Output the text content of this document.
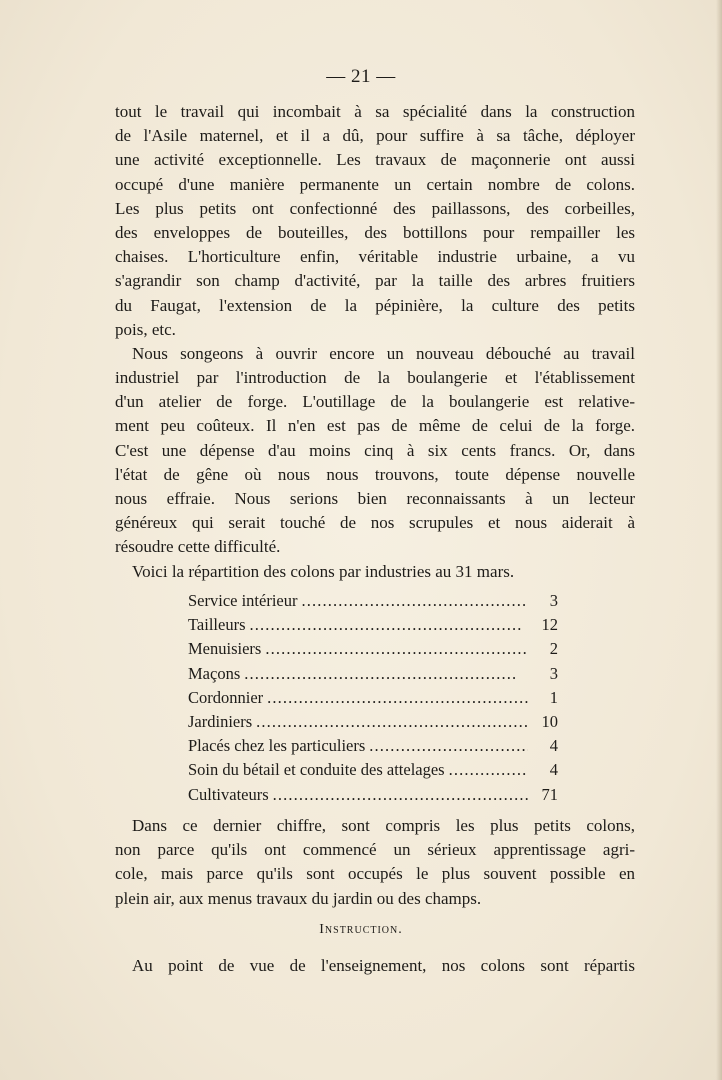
— 21 —
tout le travail qui incombait à sa spécialité dans la construction
de l'Asile maternel, et il a dû, pour suffire à sa tâche, déployer
une activité exceptionnelle. Les travaux de maçonnerie ont aussi
occupé d'une manière permanente un certain nombre de colons.
Les plus petits ont confectionné des paillassons, des corbeilles,
des enveloppes de bouteilles, des bottillons pour rempailler les
chaises. L'horticulture enfin, véritable industrie urbaine, a vu
s'agrandir son champ d'activité, par la taille des arbres fruitiers
du Faugat, l'extension de la pépinière, la culture des petits
pois, etc.
Nous songeons à ouvrir encore un nouveau débouché au travail
industriel par l'introduction de la boulangerie et l'établissement
d'un atelier de forge. L'outillage de la boulangerie est relative-
ment peu coûteux. Il n'en est pas de même de celui de la forge.
C'est une dépense d'au moins cinq à six cents francs. Or, dans
l'état de gêne où nous nous trouvons, toute dépense nouvelle
nous effraie. Nous serions bien reconnaissants à un lecteur
généreux qui serait touché de nos scrupules et nous aiderait à
résoudre cette difficulté.
Voici la répartition des colons par industries au 31 mars.
Service intérieur . . .	3
Tailleurs . . .	12
Menuisiers . . .	2
Maçons . . .	3
Cordonnier . . .	1
Jardiniers . . .	10
Placés chez les particuliers . . .	4
Soin du bétail et conduite des attelages . . .	4
Cultivateurs . . .	71
Dans ce dernier chiffre, sont compris les plus petits colons,
non parce qu'ils ont commencé un sérieux apprentissage agri-
cole, mais parce qu'ils sont occupés le plus souvent possible en
plein air, aux menus travaux du jardin ou des champs.
Instruction.
Au point de vue de l'enseignement, nos colons sont répartis
